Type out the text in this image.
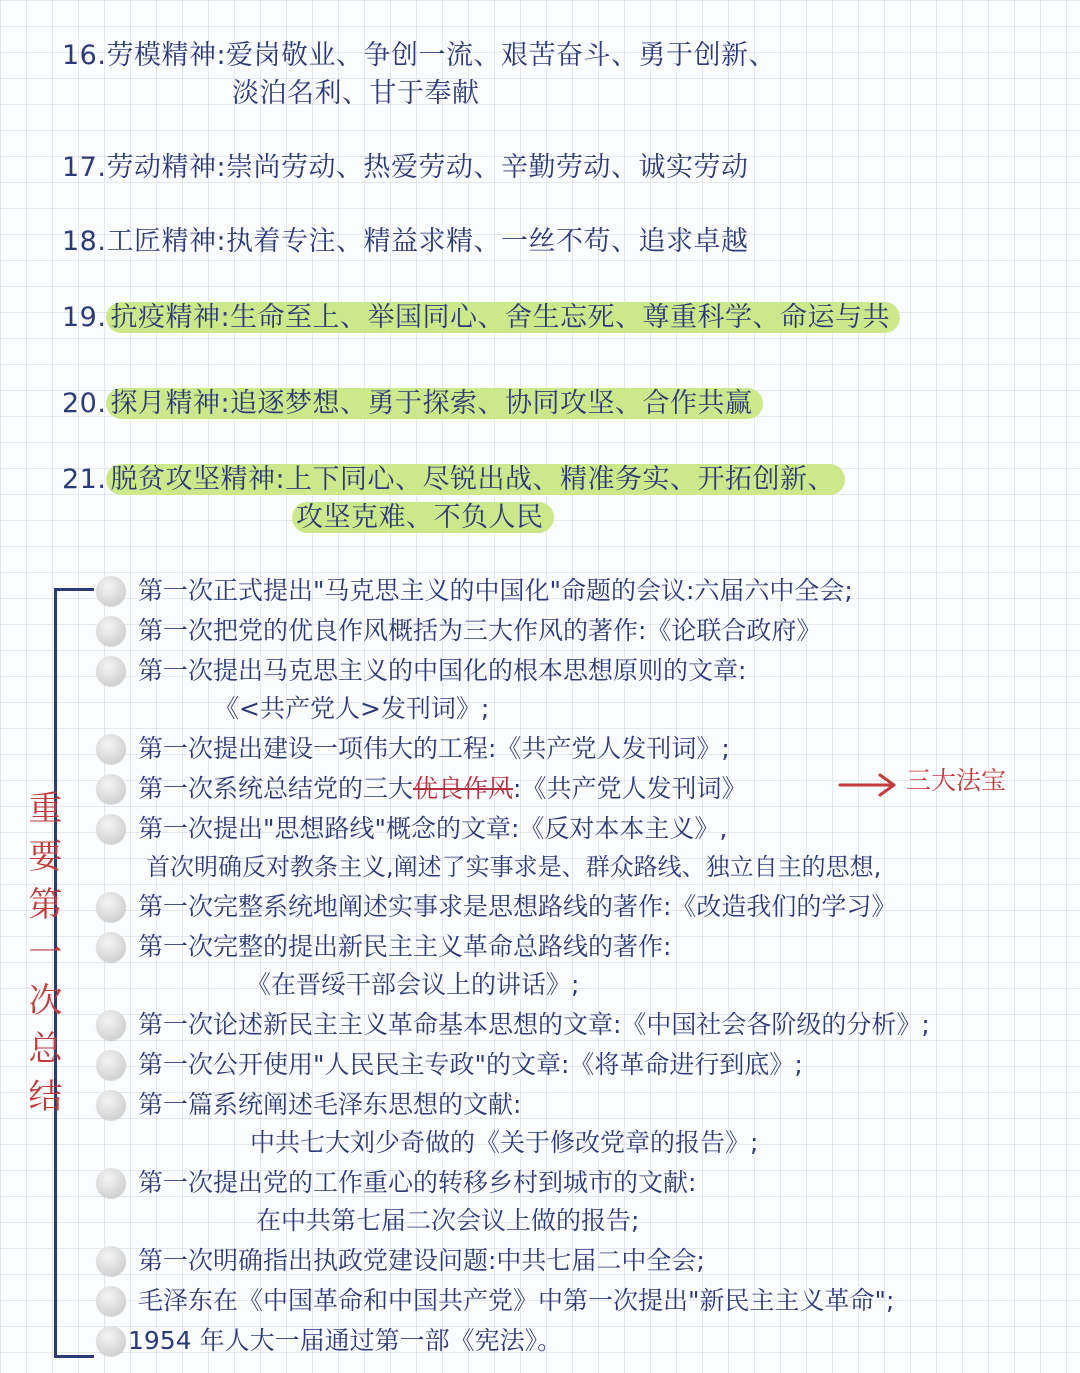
16.劳模精神:爱岗敬业、争创一流、艰苦奋斗、勇于创新、
淡泊名利、甘于奉献
17.劳动精神:崇尚劳动、热爱劳动、辛勤劳动、诚实劳动
18.工匠精神:执着专注、精益求精、一丝不苟、追求卓越
19. 抗疫精神:生命至上、举国同心、舍生忘死、尊重科学、命运与共
20. 探月精神:追逐梦想、勇于探索、协同攻坚、合作共赢
21. 脱贫攻坚精神:上下同心、尽锐出战、精准务实、开拓创新、
攻坚克难、不负人民
重要第一次总结
第一次正式提出"马克思主义的中国化"命题的会议:六届六中全会;
第一次把党的优良作风概括为三大作风的著作:《论联合政府》
第一次提出马克思主义的中国化的根本思想原则的文章:
《<共产党人>发刊词》;
第一次提出建设一项伟大的工程:《共产党人发刊词》;
第一次系统总结党的三大优良作风:《共产党人发刊词》	三大法宝
第一次提出"思想路线"概念的文章:《反对本本主义》,
首次明确反对教条主义,阐述了实事求是、群众路线、独立自主的思想,
第一次完整系统地阐述实事求是思想路线的著作:《改造我们的学习》
第一次完整的提出新民主主义革命总路线的著作:
《在晋绥干部会议上的讲话》;
第一次论述新民主主义革命基本思想的文章:《中国社会各阶级的分析》;
第一次公开使用"人民民主专政"的文章:《将革命进行到底》;
第一篇系统阐述毛泽东思想的文献:
中共七大刘少奇做的《关于修改党章的报告》;
第一次提出党的工作重心的转移乡村到城市的文献:
在中共第七届二次会议上做的报告;
第一次明确指出执政党建设问题:中共七届二中全会;
毛泽东在《中国革命和中国共产党》中第一次提出"新民主主义革命";
1954 年人大一届通过第一部《宪法》。
